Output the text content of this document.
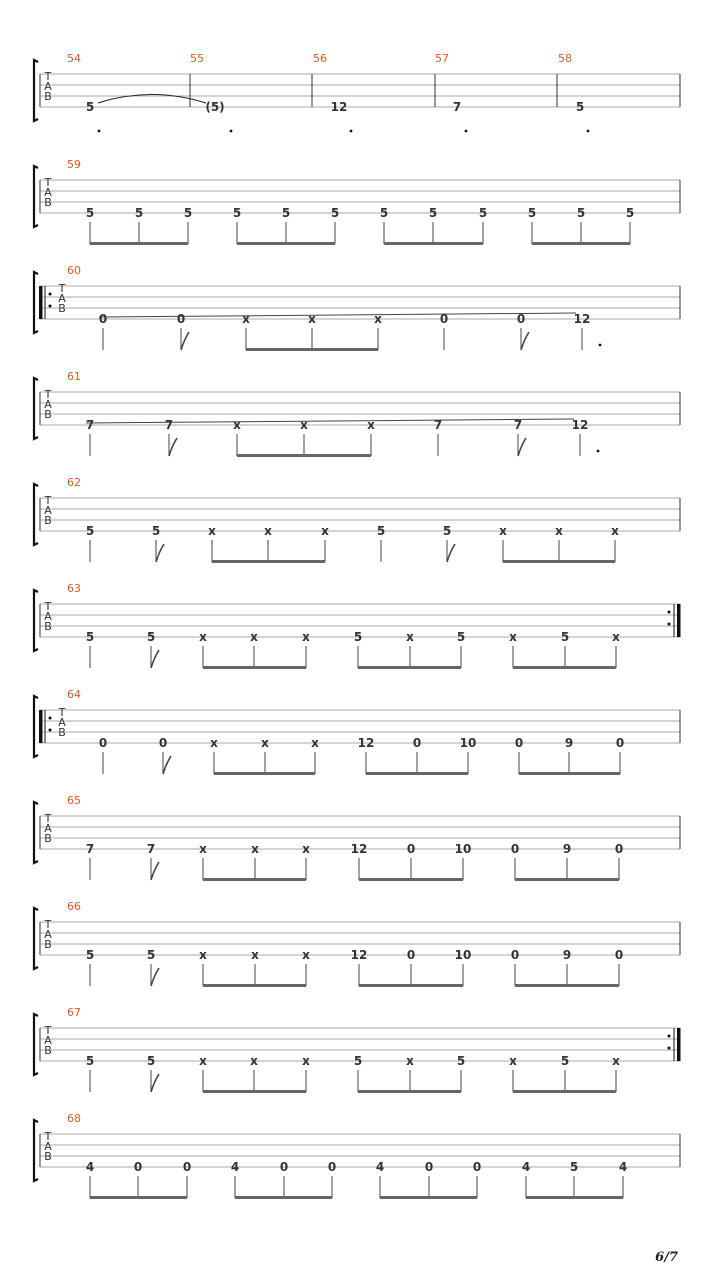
T
A
B
54
5
55
(5)
56
12
57
7
58
5
T
A
B
59
5	5	5	5	5	5	5	5	5	5	5	5
T
A
B
60
0	0	x	x	x	0	0	12
T
A
B
61
7	7	x	x	x	7	7	12
T
A
B
62
5	5	x	x	x	5	5	x	x	x
T
A
B
63
5	5	x	x	x	5	x	5	x	5	x
T
A
B
64
0	0	x	x	x	12	0	10	0	9	0
T
A
B
65
7	7	x	x	x	12	0	10	0	9	0
T
A
B
66
5	5	x	x	x	12	0	10	0	9	0
T
A
B
67
5	5	x	x	x	5	x	5	x	5	x
T
A
B
68
4	0	0	4	0	0	4	0	0	4	5	4
6/7
